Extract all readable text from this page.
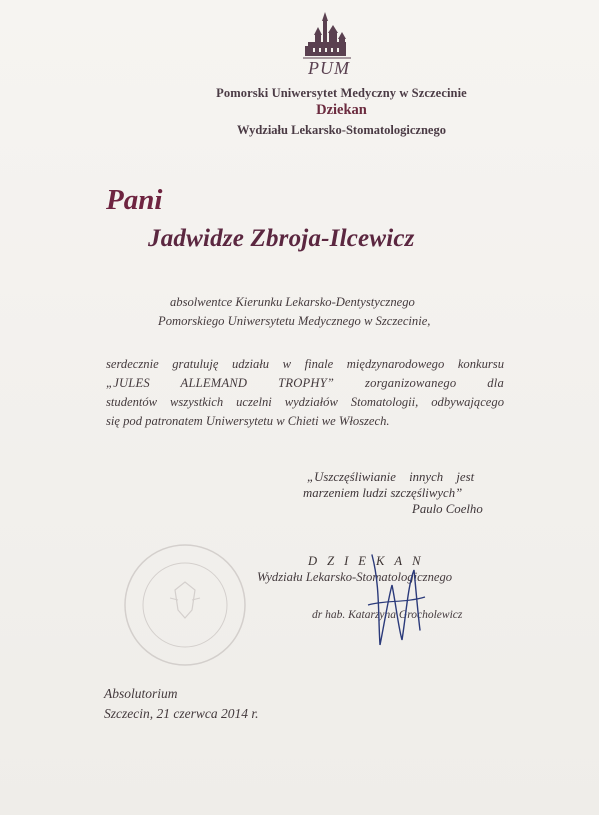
PUM
Pomorski Uniwersytet Medyczny w Szczecinie
Dziekan
Wydziału Lekarsko-Stomatologicznego
Pani
Jadwidze Zbroja-Ilcewicz
absolwentce Kierunku Lekarsko-Dentystycznego
Pomorskiego Uniwersytetu Medycznego w Szczecinie,
serdecznie gratuluję udziału w finale międzynarodowego konkursu
„JULES ALLEMAND TROPHY” zorganizowanego dla
studentów wszystkich uczelni wydziałów Stomatologii, odbywającego
się pod patronatem Uniwersytetu w Chieti we Włoszech.
„Uszczęśliwianie innych jest
marzeniem ludzi szczęśliwych”
Paulo Coelho
DZIEKAN
Wydziału Lekarsko-Stomatologicznego
dr hab. Katarzyna Grocholewicz
Absolutorium
Szczecin, 21 czerwca 2014 r.
